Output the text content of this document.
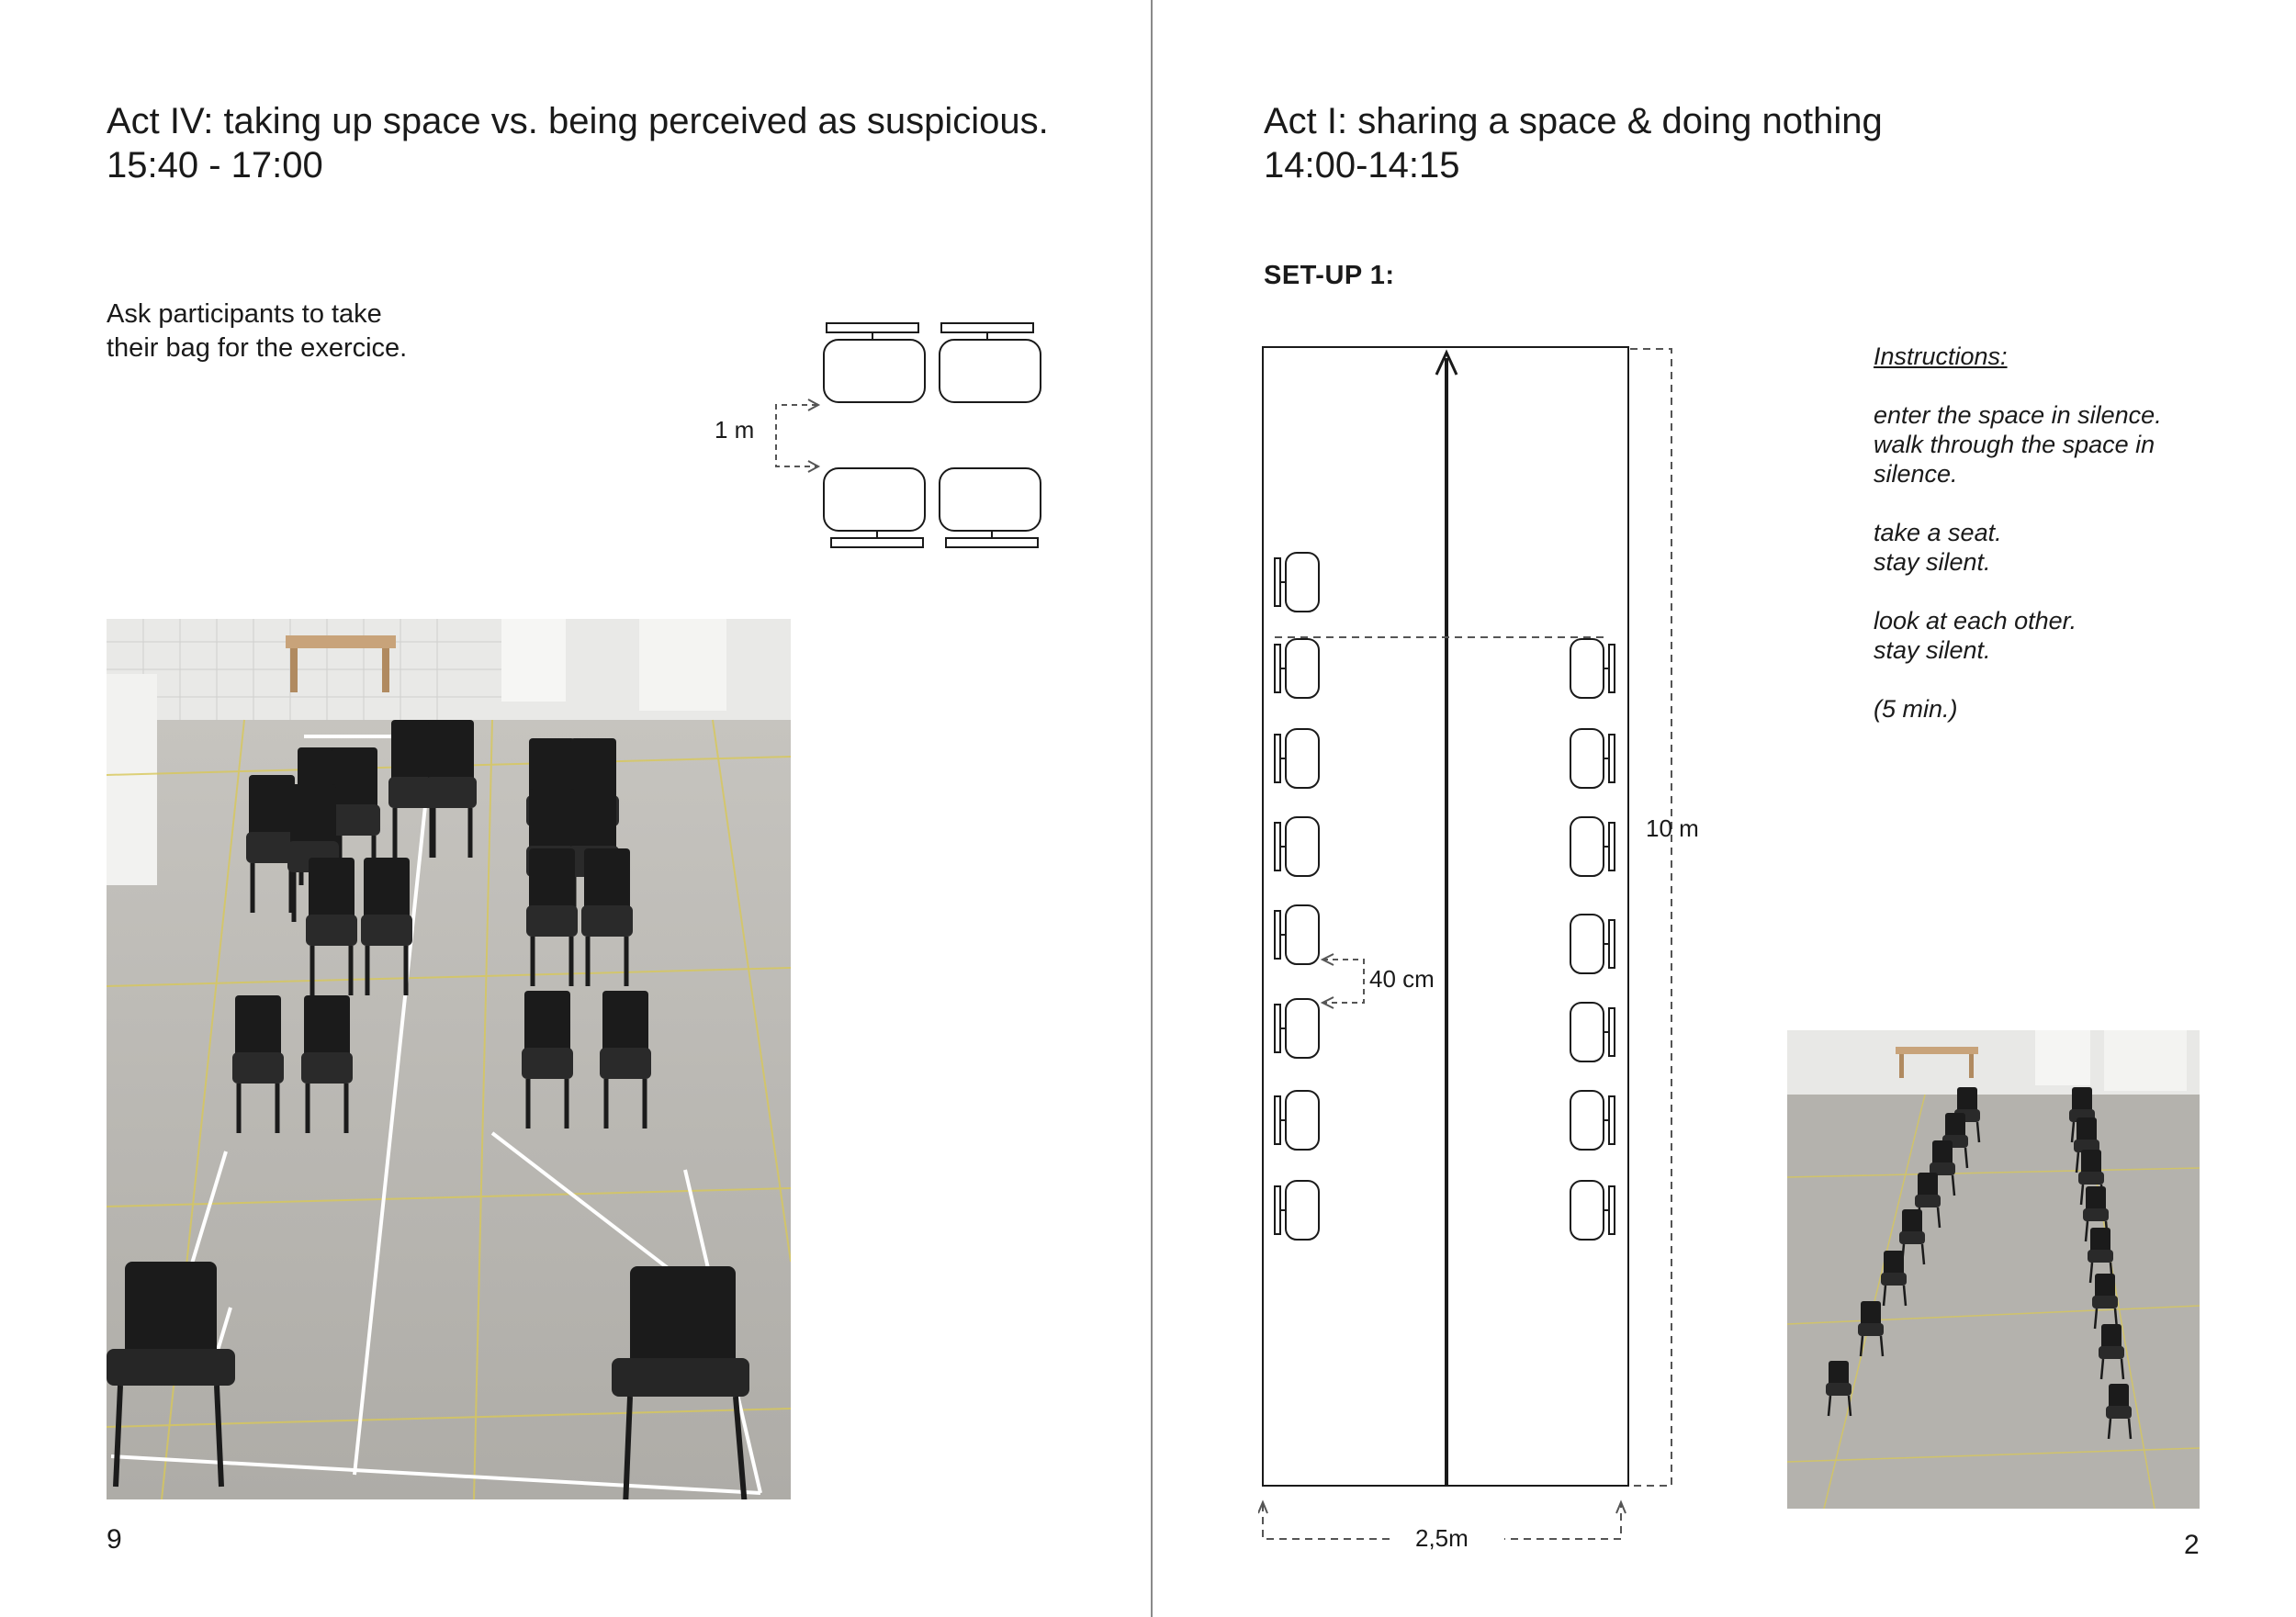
Act IV: taking up space vs. being perceived as suspicious.
15:40 - 17:00
Ask participants to take
their bag for the exercice.
1 m
9
Act I: sharing a space & doing nothing
14:00-14:15
SET-UP 1:
10 m
40 cm
2,5m

Instructions:

enter the space in silence.
walk through the space in
silence.

take a seat.
stay silent.

look at each other.
stay silent.

(5 min.)

2
